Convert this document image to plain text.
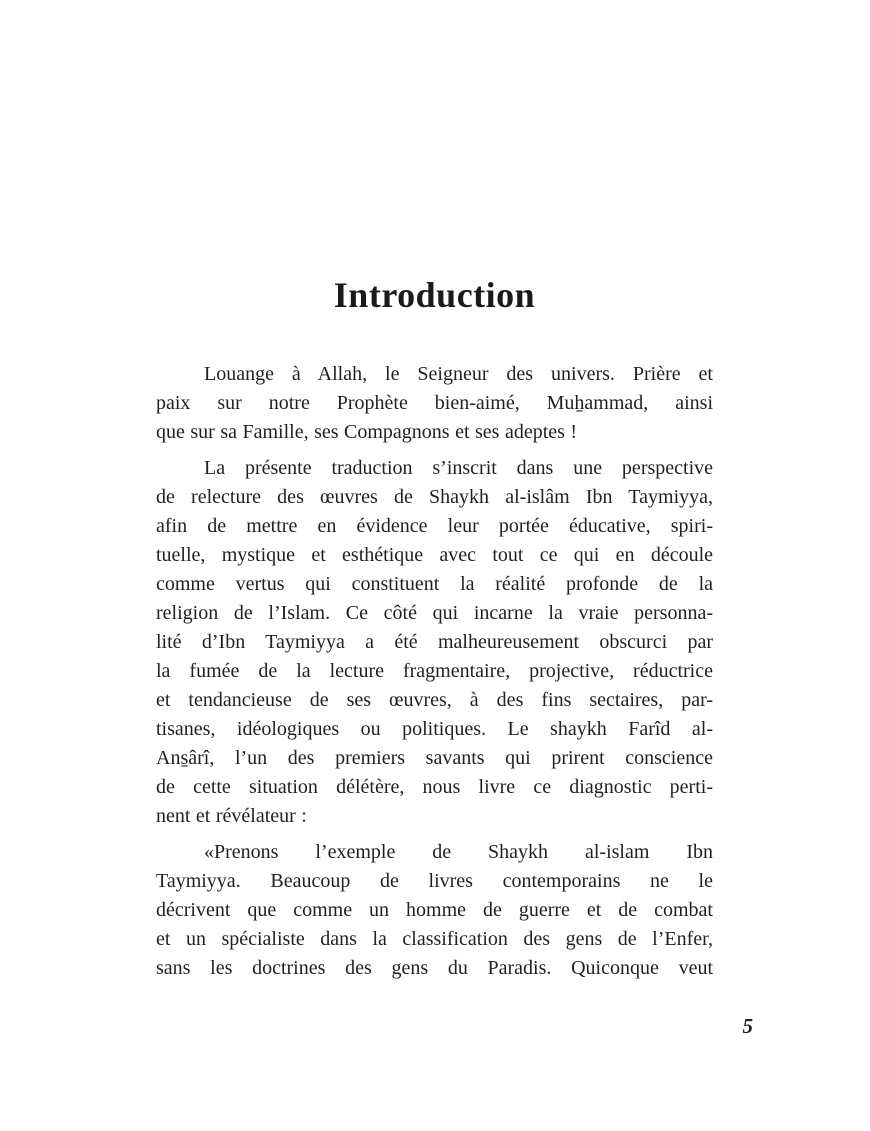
Introduction
Louange à Allah, le Seigneur des univers. Prière et
paix sur notre Prophète bien-aimé, Muẖammad, ainsi
que sur sa Famille, ses Compagnons et ses adeptes !
La présente traduction s’inscrit dans une perspective
de relecture des œuvres de Shaykh al-islâm Ibn Taymiyya,
afin de mettre en évidence leur portée éducative, spiri-
tuelle, mystique et esthétique avec tout ce qui en découle
comme vertus qui constituent la réalité profonde de la
religion de l’Islam. Ce côté qui incarne la vraie personna-
lité d’Ibn Taymiyya a été malheureusement obscurci par
la fumée de la lecture fragmentaire, projective, réductrice
et tendancieuse de ses œuvres, à des fins sectaires, par-
tisanes, idéologiques ou politiques. Le shaykh Farîd al-
Ans̱ârî, l’un des premiers savants qui prirent conscience
de cette situation délétère, nous livre ce diagnostic perti-
nent et révélateur :
«Prenons l’exemple de Shaykh al-islam Ibn
Taymiyya. Beaucoup de livres contemporains ne le
décrivent que comme un homme de guerre et de combat
et un spécialiste dans la classification des gens de l’Enfer,
sans les doctrines des gens du Paradis. Quiconque veut
5
